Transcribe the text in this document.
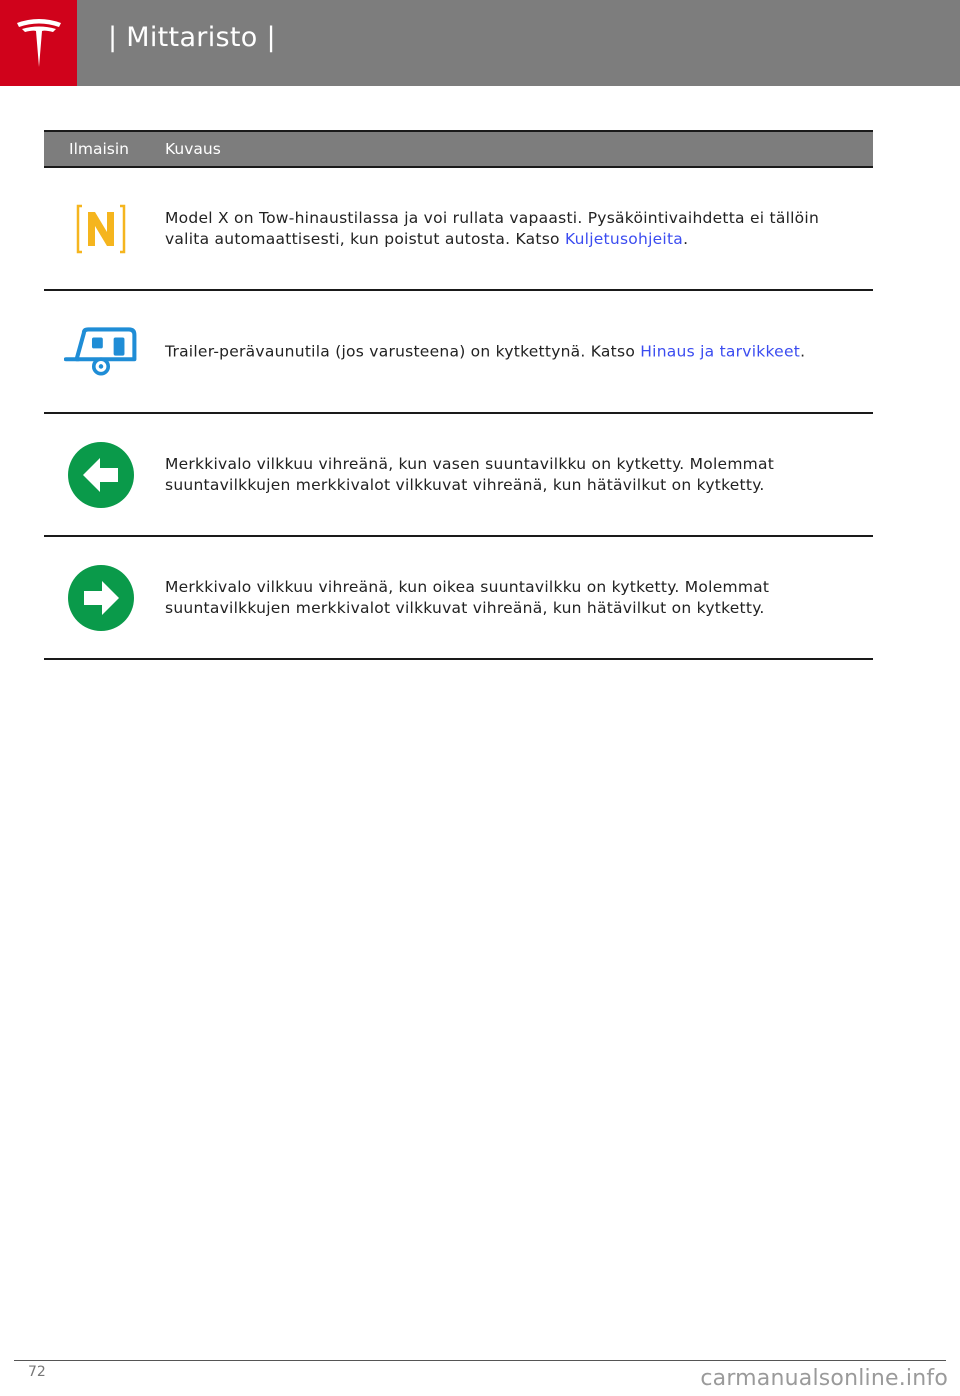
| Mittaristo |
Ilmaisin Kuvaus
Model X on Tow-hinaustilassa ja voi rullata vapaasti. Pysäköintivaihdetta ei tällöin valita automaattisesti, kun poistut autosta. Katso Kuljetusohjeita.
Trailer-perävaunutila (jos varusteena) on kytkettynä. Katso Hinaus ja tarvikkeet.
Merkkivalo vilkkuu vihreänä, kun vasen suuntavilkku on kytketty. Molemmat suuntavilkkujen merkkivalot vilkkuvat vihreänä, kun hätävilkut on kytketty.
Merkkivalo vilkkuu vihreänä, kun oikea suuntavilkku on kytketty. Molemmat suuntavilkkujen merkkivalot vilkkuvat vihreänä, kun hätävilkut on kytketty.
72	carmanualsonline.info
